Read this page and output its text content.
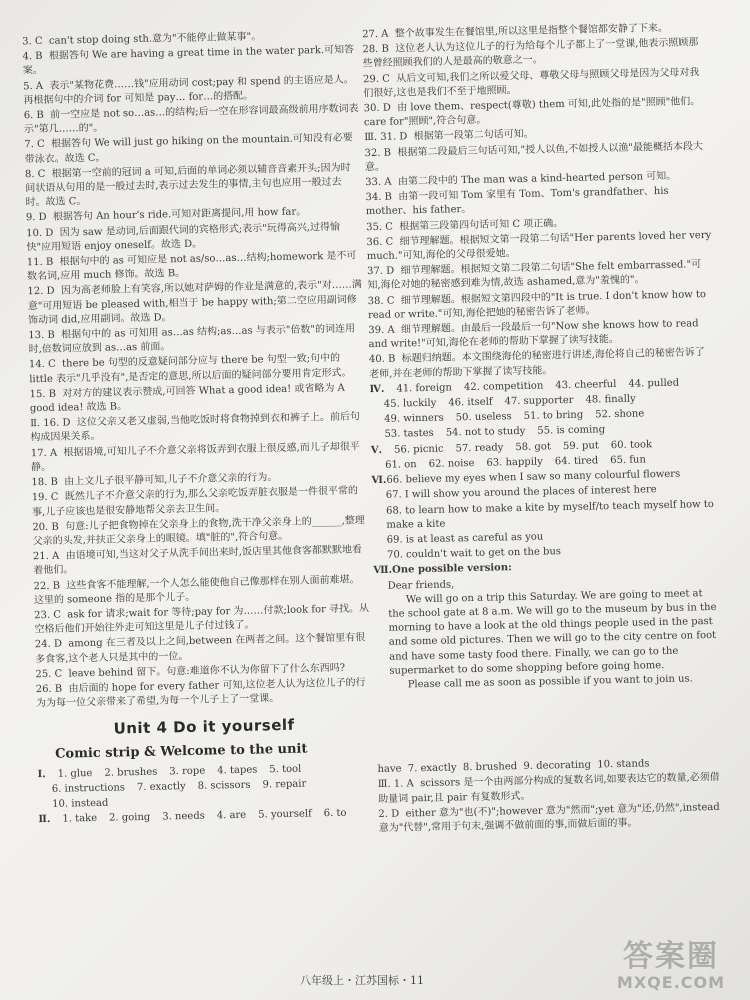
3. C  can't stop doing sth.意为"不能停止做某事"。
4. B  根据答句 We are having a great time in the water park.可知答案。
5. A  表示"某物花费……钱"应用动词 cost;pay 和 spend 的主语应是人。再根据句中的介词 for 可知是 pay… for…的搭配。
6. B  前一空应是 not so…as…的结构;后一空在形容词最高级前用序数词表示"第几……的"。
7. C  根据答句 We will just go hiking on the mountain.可知没有必要带泳衣。故选 C。
8. C  根据第一空前的冠词 a 可知,后面的单词必须以辅音音素开头;因为时间状语从句用的是一般过去时,表示过去发生的事情,主句也应用一般过去时。故选 C。
9. D  根据答句 An hour's ride.可知对距离提问,用 how far。
10. D  因为 saw 是动词,后面跟代词的宾格形式;表示"玩得高兴,过得愉快"应用短语 enjoy oneself。故选 D。
11. B  根据句中的 as 可知应是 not as/so…as…结构;homework 是不可数名词,应用 much 修饰。故选 B。
12. D  因为高老师脸上有笑容,所以她对萨姆的作业是满意的,表示"对……满意"可用短语 be pleased with,相当于 be happy with;第二空应用副词修饰动词 did,应用副词。故选 D。
13. B  根据句中的 as 可知用 as…as 结构;as…as 与表示"倍数"的词连用时,倍数词应放到 as…as 前面。
14. C  there be 句型的反意疑问部分应与 there be 句型一致;句中的 little 表示"几乎没有",是否定的意思,所以后面的疑问部分要用肯定形式。
15. B  对对方的建议表示赞成,可回答 What a good idea! 或省略为 A good idea! 故选 B。
Ⅱ. 16. D  这位父亲又老又虚弱,当他吃饭时将食物掉到衣和裤子上。前后句构成因果关系。
17. A  根据语境,可知儿子不介意父亲将饭弄到衣服上很反感,而儿子却很平静。
18. B  由上文儿子很平静可知,儿子不介意父亲的行为。
19. C  既然儿子不介意父亲的行为,那么父亲吃饭弄脏衣服是一件很平常的事,儿子应该也是很安静地帮父亲去卫生间。
20. B  句意:儿子把食物掉在父亲身上的食物,洗干净父亲身上的______,整理父亲的头发,并扶正父亲身上的眼镜。填"脏的",符合句意。
21. A  由语境可知,当这对父子从洗手间出来时,饭店里其他食客都默默地看着他们。
22. B  这些食客不能理解,一个人怎么能使他自己像那样在别人面前难堪。这里的 someone 指的是那个儿子。
23. C  ask for 请求;wait for 等待;pay for 为……付款;look for 寻找。从空格后他们开始往外走可知这里是儿子付过钱了。
24. D  among 在三者及以上之间,between 在两者之间。这个餐馆里有很多食客,这个老人只是其中的一位。
25. C  leave behind 留下。句意:难道你不认为你留下了什么东西吗?
26. B  由后面的 hope for every father 可知,这位老人认为这位儿子的行为为每一位父亲带来了希望,为每一个儿子上了一堂课。
Unit 4 Do it yourself
Comic strip & Welcome to the unit
Ⅰ. 1. glue 2. brushes 3. rope 4. tapes 5. tool
6. instructions 7. exactly 8. scissors 9. repair
10. instead
Ⅱ. 1. take 2. going 3. needs 4. are 5. yourself 6. to
27. A  整个故事发生在餐馆里,所以这里是指整个餐馆都安静了下来。
28. B  这位老人认为这位儿子的行为给每个儿子都上了一堂课,他表示照顾那些曾经照顾我们的人是最高的敬意之一。
29. C  从后文可知,我们之所以爱父母、尊敬父母与照顾父母是因为父母对我们很好,这也是我们不至于地照顾。
30. D  由 love them、respect(尊敬) them 可知,此处指的是"照顾"他们。care for"照顾",符合句意。
Ⅲ. 31. D  根据第一段第二句话可知。
32. B  根据第二段最后三句话可知,"授人以鱼,不如授人以渔"最能概括本段大意。
33. A  由第二段中的 The man was a kind-hearted person 可知。
34. B  由第一段可知 Tom 家里有 Tom、Tom's grandfather、his mother、his father。
35. C  根据第三段第四句话可知 C 项正确。
36. C  细节理解题。根据短文第一段第二句话"Her parents loved her very much."可知,海伦的父母很爱她。
37. D  细节理解题。根据短文第二段第二句话"She felt embarrassed."可知,海伦对她的秘密感到难为情,故选 ashamed,意为"羞愧的"。
38. C  细节理解题。根据短文第四段中的"It is true. I don't know how to read or write."可知,海伦把她的秘密告诉了老师。
39. A  细节理解题。由最后一段最后一句"Now she knows how to read and write!"可知,海伦在老师的帮助下掌握了读写技能。
40. B  标题归纳题。本文围绕海伦的秘密进行讲述,海伦将自己的秘密告诉了老师,并在老师的帮助下掌握了读写技能。
Ⅳ. 41. foreign 42. competition 43. cheerful 44. pulled
45. luckily 46. itself 47. supporter 48. finally
49. winners 50. useless 51. to bring 52. shone
53. tastes 54. not to study 55. is coming
Ⅴ. 56. picnic 57. ready 58. got 59. put 60. took
61. on 62. noise 63. happily 64. tired 65. fun
Ⅵ.66. believe my eyes when I saw so many colourful flowers
67. I will show you around the places of interest here
68. to learn how to make a kite by myself/to teach myself how to make a kite
69. is at least as careful as you
70. couldn't wait to get on the bus
Ⅶ.One possible version:
Dear friends,

We will go on a trip this Saturday. We are going to meet at the school gate at 8 a.m. We will go to the museum by bus in the morning to have a look at the old things people used in the past and some old pictures. Then we will go to the city centre on foot and have some tasty food there. Finally, we can go to the supermarket to do some shopping before going home.

Please call me as soon as possible if you want to join us.

have  7. exactly  8. brushed  9. decorating  10. stands
Ⅲ. 1. A  scissors 是一个由两部分构成的复数名词,如要表达它的数量,必须借助量词 pair,且 pair 有复数形式。
2. D  either 意为"也(不)";however 意为"然而";yet 意为"还,仍然",instead 意为"代替",常用于句末,强调不做前面的事,而做后面的事。
八年级上・江苏国标・11
答案圈
MXQE.COM
